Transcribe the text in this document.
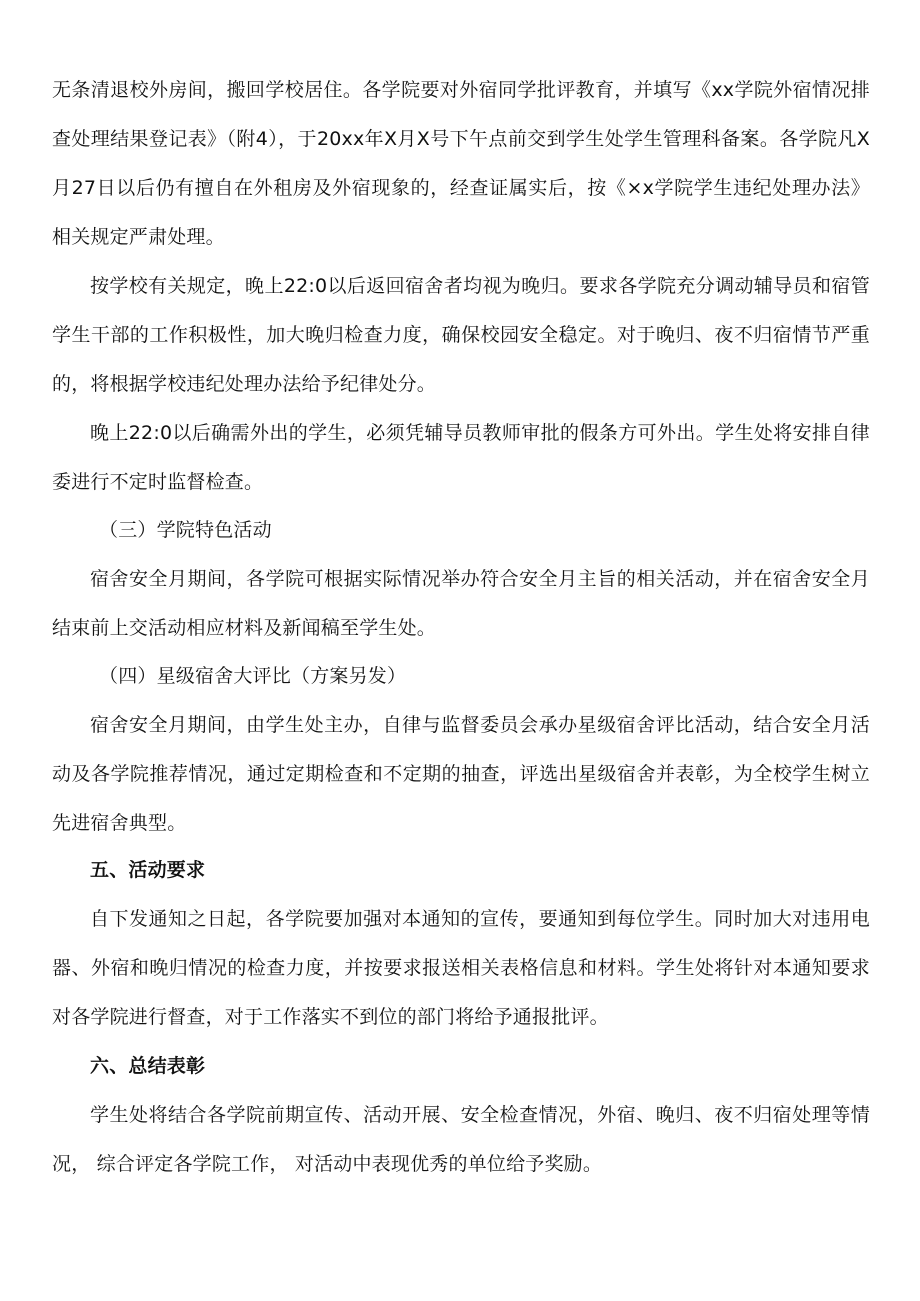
无条清退校外房间，搬回学校居住。各学院要对外宿同学批评教育，并填写《xx学院外宿情况排查处理结果登记表》（附4），于20xx年X月X号下午点前交到学生处学生管理科备案。各学院凡X月27日以后仍有擅自在外租房及外宿现象的，经查证属实后，按《×x学院学生违纪处理办法》相关规定严肃处理。

按学校有关规定，晚上22:0以后返回宿舍者均视为晚归。要求各学院充分调动辅导员和宿管学生干部的工作积极性，加大晚归检查力度，确保校园安全稳定。对于晚归、夜不归宿情节严重的，将根据学校违纪处理办法给予纪律处分。

晚上22:0以后确需外出的学生，必须凭辅导员教师审批的假条方可外出。学生处将安排自律委进行不定时监督检查。

（三）学院特色活动

宿舍安全月期间，各学院可根据实际情况举办符合安全月主旨的相关活动，并在宿舍安全月结束前上交活动相应材料及新闻稿至学生处。

（四）星级宿舍大评比（方案另发）

宿舍安全月期间，由学生处主办，自律与监督委员会承办星级宿舍评比活动，结合安全月活动及各学院推荐情况，通过定期检查和不定期的抽查，评选出星级宿舍并表彰，为全校学生树立先进宿舍典型。

五、活动要求

自下发通知之日起，各学院要加强对本通知的宣传，要通知到每位学生。同时加大对违用电器、外宿和晚归情况的检查力度，并按要求报送相关表格信息和材料。学生处将针对本通知要求对各学院进行督查，对于工作落实不到位的部门将给予通报批评。

六、总结表彰

学生处将结合各学院前期宣传、活动开展、安全检查情况，外宿、晚归、夜不归宿处理等情况， 综合评定各学院工作， 对活动中表现优秀的单位给予奖励。
